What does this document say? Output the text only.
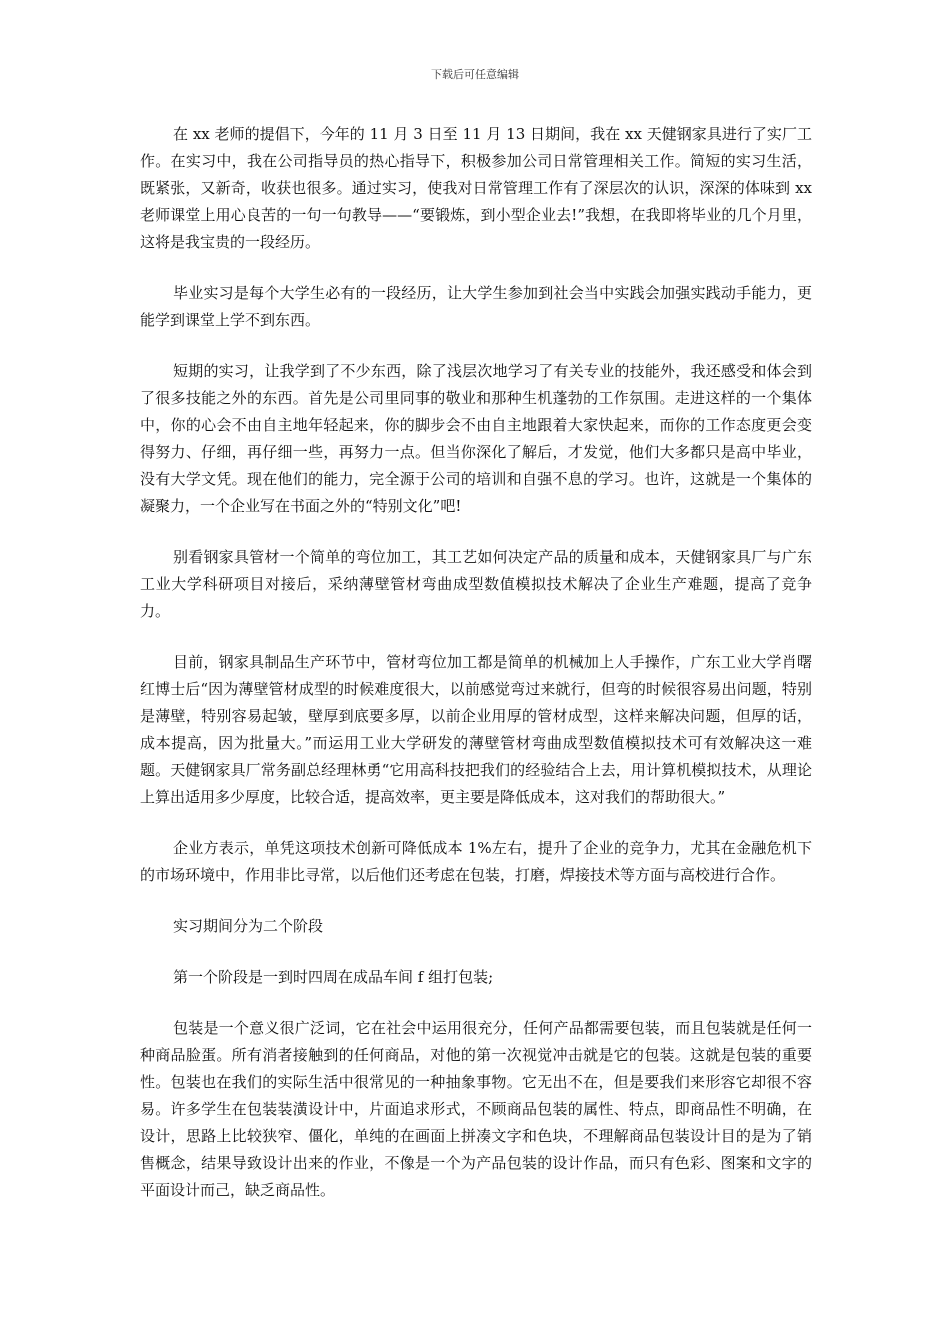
下载后可任意编辑

在 xx 老师的提倡下，今年的 11 月 3 日至 11 月 13 日期间，我在 xx 天健钢家具进行了实厂工作。在实习中，我在公司指导员的热心指导下，积极参加公司日常管理相关工作。简短的实习生活，既紧张，又新奇，收获也很多。通过实习，使我对日常管理工作有了深层次的认识，深深的体味到 xx 老师课堂上用心良苦的一句一句教导——“要锻炼，到小型企业去!”我想，在我即将毕业的几个月里，这将是我宝贵的一段经历。

毕业实习是每个大学生必有的一段经历，让大学生参加到社会当中实践会加强实践动手能力，更能学到课堂上学不到东西。

短期的实习，让我学到了不少东西，除了浅层次地学习了有关专业的技能外，我还感受和体会到了很多技能之外的东西。首先是公司里同事的敬业和那种生机蓬勃的工作氛围。走进这样的一个集体中，你的心会不由自主地年轻起来，你的脚步会不由自主地跟着大家快起来，而你的工作态度更会变得努力、仔细，再仔细一些，再努力一点。但当你深化了解后，才发觉，他们大多都只是高中毕业，没有大学文凭。现在他们的能力，完全源于公司的培训和自强不息的学习。也许，这就是一个集体的凝聚力，一个企业写在书面之外的“特别文化”吧!

别看钢家具管材一个简单的弯位加工，其工艺如何决定产品的质量和成本，天健钢家具厂与广东工业大学科研项目对接后，采纳薄壁管材弯曲成型数值模拟技术解决了企业生产难题，提高了竞争力。

目前，钢家具制品生产环节中，管材弯位加工都是简单的机械加上人手操作，广东工业大学肖曙红博士后“因为薄壁管材成型的时候难度很大，以前感觉弯过来就行，但弯的时候很容易出问题，特别是薄壁，特别容易起皱，壁厚到底要多厚，以前企业用厚的管材成型，这样来解决问题，但厚的话，成本提高，因为批量大。”而运用工业大学研发的薄壁管材弯曲成型数值模拟技术可有效解决这一难题。天健钢家具厂常务副总经理林勇“它用高科技把我们的经验结合上去，用计算机模拟技术，从理论上算出适用多少厚度，比较合适，提高效率，更主要是降低成本，这对我们的帮助很大。”

企业方表示，单凭这项技术创新可降低成本 1%左右，提升了企业的竞争力，尤其在金融危机下的市场环境中，作用非比寻常，以后他们还考虑在包装，打磨，焊接技术等方面与高校进行合作。

实习期间分为二个阶段

第一个阶段是一到时四周在成品车间 f 组打包装;

包装是一个意义很广泛词，它在社会中运用很充分，任何产品都需要包装，而且包装就是任何一种商品脸蛋。所有消者接触到的任何商品，对他的第一次视觉冲击就是它的包装。这就是包装的重要性。包装也在我们的实际生活中很常见的一种抽象事物。它无出不在，但是要我们来形容它却很不容易。许多学生在包装装潢设计中，片面追求形式，不顾商品包装的属性、特点，即商品性不明确，在设计，思路上比较狭窄、僵化，单纯的在画面上拼凑文字和色块，不理解商品包装设计目的是为了销售概念，结果导致设计出来的作业，不像是一个为产品包装的设计作品，而只有色彩、图案和文字的平面设计而己，缺乏商品性。
